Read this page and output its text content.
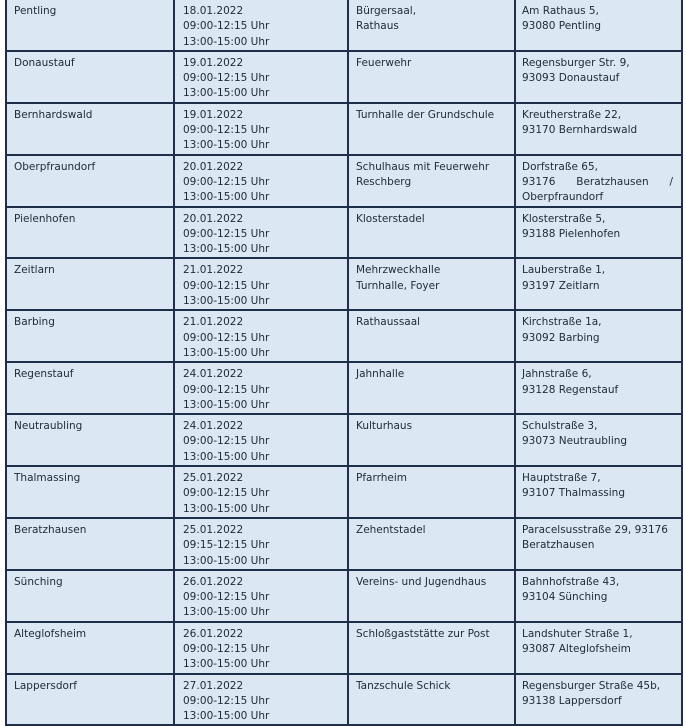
Pentling	18.01.2022
09:00-12:15 Uhr
13:00-15:00 Uhr	Bürgersaal,
Rathaus	Am Rathaus 5,
93080 Pentling

Donaustauf	19.01.2022
09:00-12:15 Uhr
13:00-15:00 Uhr	Feuerwehr	Regensburger Str. 9,
93093 Donaustauf

Bernhardswald	19.01.2022
09:00-12:15 Uhr
13:00-15:00 Uhr	Turnhalle der Grundschule	Kreutherstraße 22,
93170 Bernhardswald

Oberpfraundorf	20.01.2022
09:00-12:15 Uhr
13:00-15:00 Uhr	Schulhaus mit Feuerwehr
Reschberg	Dorfstraße 65,
93176 Beratzhausen /
Oberpfraundorf

Pielenhofen	20.01.2022
09:00-12:15 Uhr
13:00-15:00 Uhr	Klosterstadel	Klosterstraße 5,
93188 Pielenhofen

Zeitlarn	21.01.2022
09:00-12:15 Uhr
13:00-15:00 Uhr	Mehrzweckhalle
Turnhalle, Foyer	Lauberstraße 1,
93197 Zeitlarn

Barbing	21.01.2022
09:00-12:15 Uhr
13:00-15:00 Uhr	Rathaussaal	Kirchstraße 1a,
93092 Barbing

Regenstauf	24.01.2022
09:00-12:15 Uhr
13:00-15:00 Uhr	Jahnhalle	Jahnstraße 6,
93128 Regenstauf

Neutraubling	24.01.2022
09:00-12:15 Uhr
13:00-15:00 Uhr	Kulturhaus	Schulstraße 3,
93073 Neutraubling

Thalmassing	25.01.2022
09:00-12:15 Uhr
13:00-15:00 Uhr	Pfarrheim	Hauptstraße 7,
93107 Thalmassing

Beratzhausen	25.01.2022
09:15-12:15 Uhr
13:00-15:00 Uhr	Zehentstadel	Paracelsusstraße 29, 93176
Beratzhausen

Sünching	26.01.2022
09:00-12:15 Uhr
13:00-15:00 Uhr	Vereins- und Jugendhaus	Bahnhofstraße 43,
93104 Sünching

Alteglofsheim	26.01.2022
09:00-12:15 Uhr
13:00-15:00 Uhr	Schloßgaststätte zur Post	Landshuter Straße 1,
93087 Alteglofsheim

Lappersdorf	27.01.2022
09:00-12:15 Uhr
13:00-15:00 Uhr	Tanzschule Schick	Regensburger Straße 45b,
93138 Lappersdorf
